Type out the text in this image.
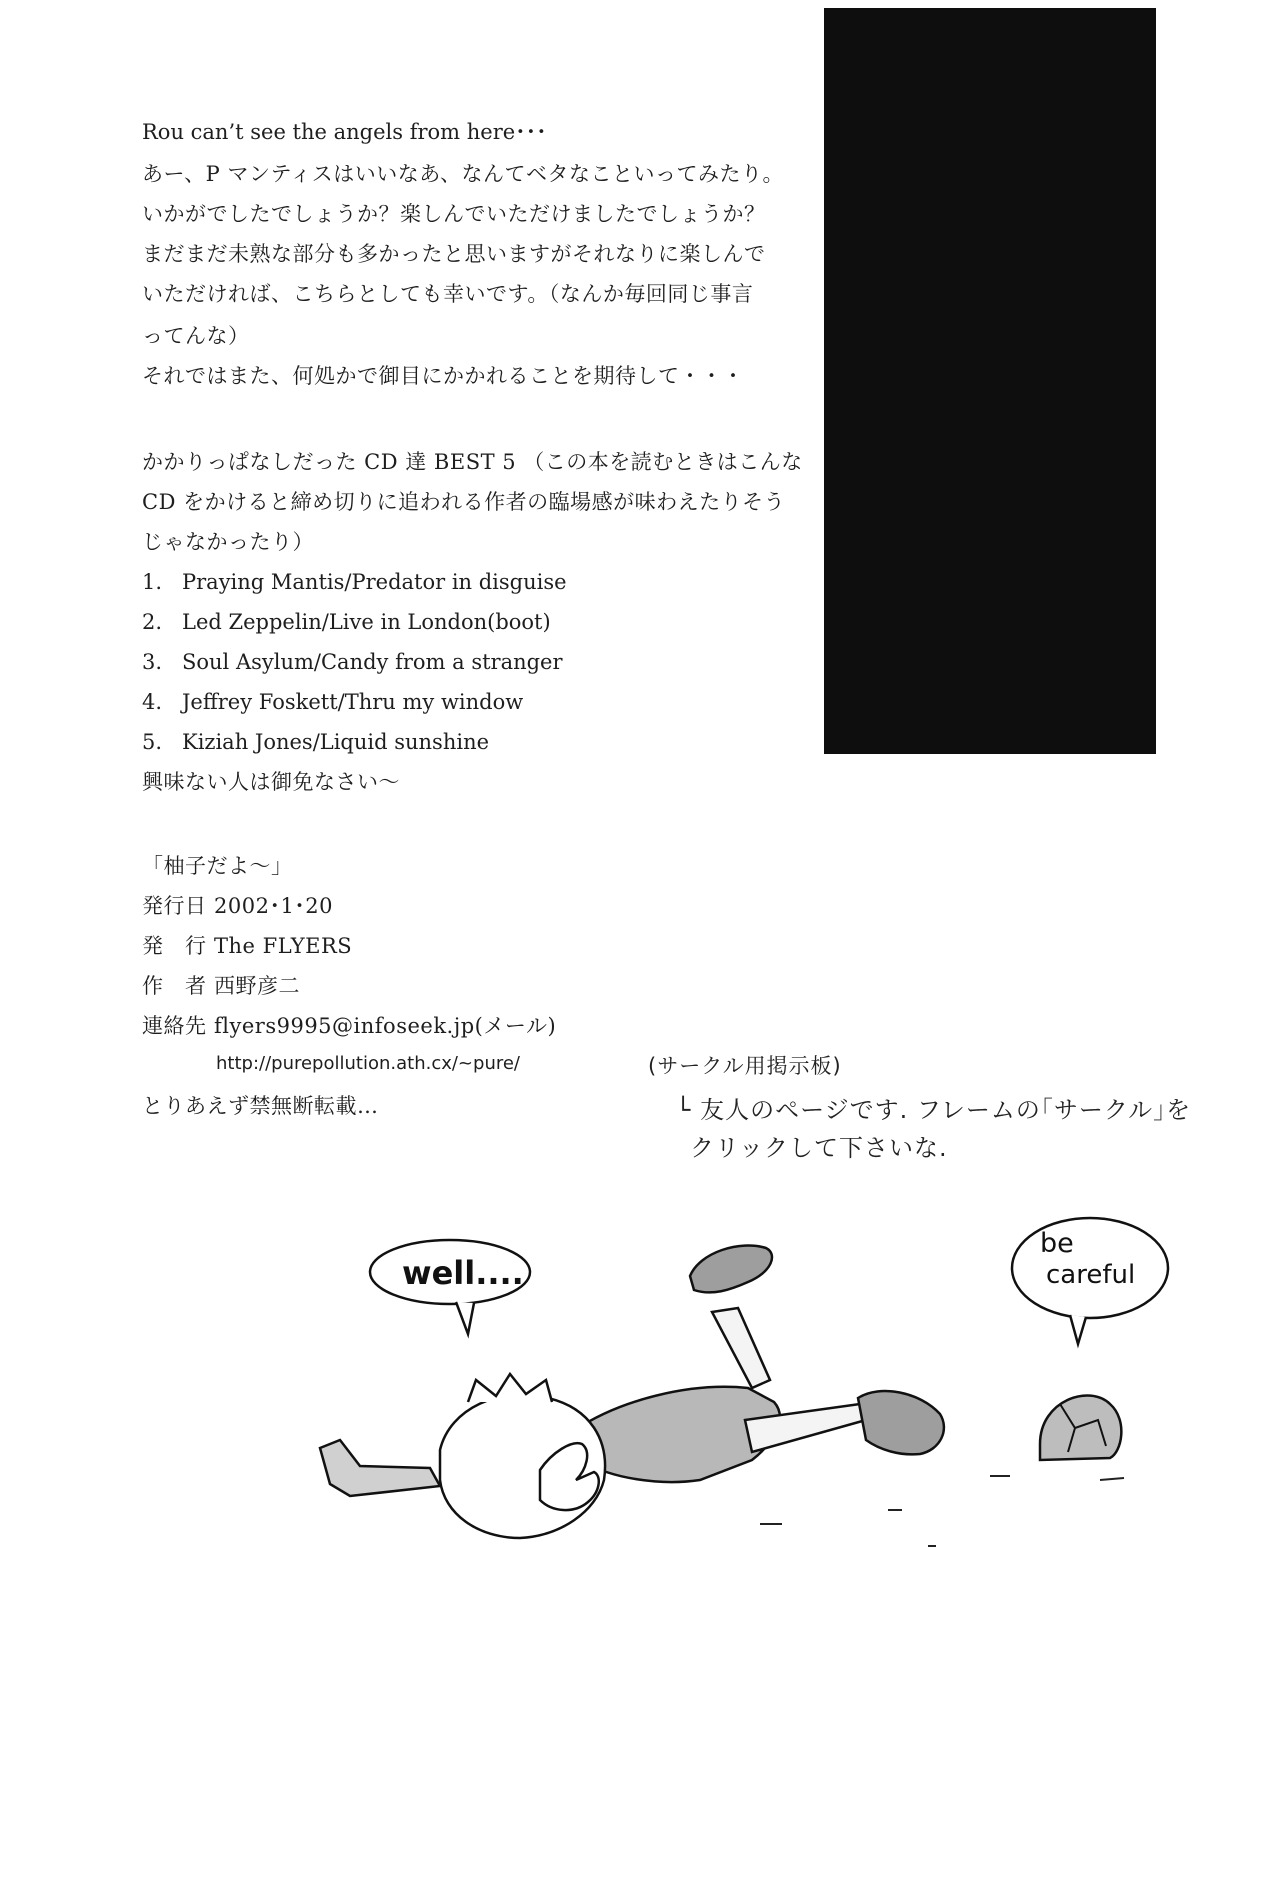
Rou can’t see the angels from here･･･
あー、P マンティスはいいなあ、なんてベタなこといってみたり。
いかがでしたでしょうか？楽しんでいただけましたでしょうか？
まだまだ未熟な部分も多かったと思いますがそれなりに楽しんで
いただければ、こちらとしても幸いです。（なんか毎回同じ事言
ってんな）
それではまた、何処かで御目にかかれることを期待して・・・
かかりっぱなしだった CD 達 BEST 5 （この本を読むときはこんな
CD をかけると締め切りに追われる作者の臨場感が味わえたりそう
じゃなかったり）
1. Praying Mantis/Predator in disguise
2. Led Zeppelin/Live in London(boot)
3. Soul Asylum/Candy from a stranger
4. Jeffrey Foskett/Thru my window
5. Kiziah Jones/Liquid sunshine
興味ない人は御免なさい～
「柚子だよ～」
発行日 2002･1･20
発　行 The FLYERS
作　者 西野彦二
連絡先 flyers9995@infoseek.jp(メール)
http://purepollution.ath.cx/~pure/
とりあえず禁無断転載…
(サークル用掲示板)
└ 友人のページです. フレームの｢サークル｣を
クリックして下さいな.
well....
be
careful
